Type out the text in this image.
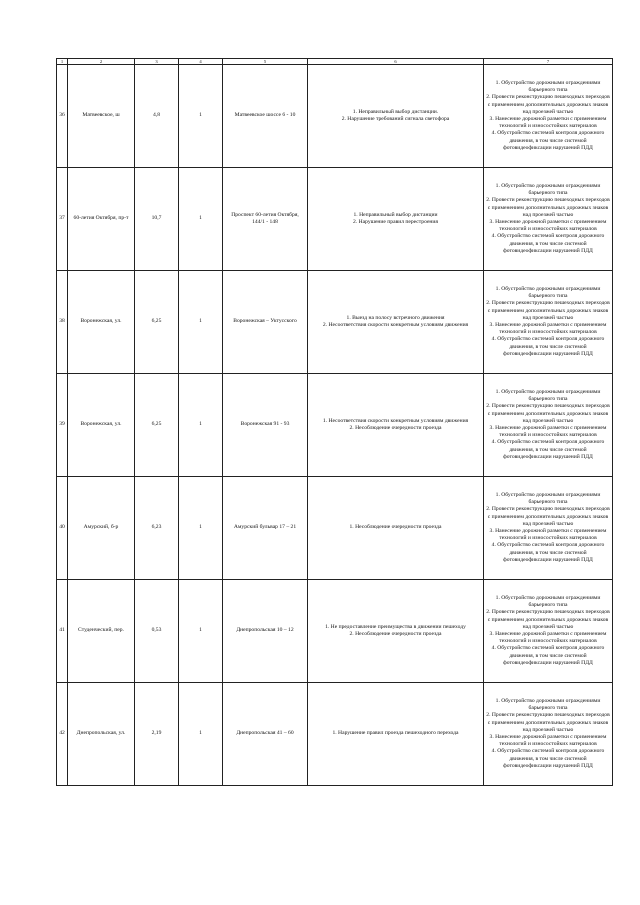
1	2	3	4	5	6	7
36	Матвеевское, ш	4,8	1	Матвеевское шоссе 6 - 10	1. Неправильный выбор дистанции.
2. Нарушение требований сигнала светофора	1. Обустройство дорожными ограждениями барьерного типа
2. Провести реконструкцию пешеходных переходов с применением дополнительных дорожных знаков над проезжей частью
3. Нанесение дорожной разметки с применением технологий и износостойких материалов
4. Обустройство системой контроля дорожного движения, в том числе системой фотовидеофиксации нарушений ПДД

37	60-летия Октября, пр-т	10,7	1	Проспект 60-летия Октября, 144/1 - 148	1. Неправильный выбор дистанции
2. Нарушение правил перестроения	1. Обустройство дорожными ограждениями барьерного типа
2. Провести реконструкцию пешеходных переходов с применением дополнительных дорожных знаков над проезжей частью
3. Нанесение дорожной разметки с применением технологий и износостойких материалов
4. Обустройство системой контроля дорожного движения, в том числе системой фотовидеофиксации нарушений ПДД

38	Воронежская, ул.	6,25	1	Воронежская – Уктусского	1. Выезд на полосу встречного движения
2. Несоответствия скорости конкретным условиям движения	1. Обустройство дорожными ограждениями барьерного типа
2. Провести реконструкцию пешеходных переходов с применением дополнительных дорожных знаков над проезжей частью
3. Нанесение дорожной разметки с применением технологий и износостойких материалов
4. Обустройство системой контроля дорожного движения, в том числе системой фотовидеофиксации нарушений ПДД

39	Воронежская, ул.	6,25	1	Воронежская 91 - 93	1. Несоответствия скорости конкретным условиям движения
2. Несоблюдение очередности проезда	1. Обустройство дорожными ограждениями барьерного типа
2. Провести реконструкцию пешеходных переходов с применением дополнительных дорожных знаков над проезжей частью
3. Нанесение дорожной разметки с применением технологий и износостойких материалов
4. Обустройство системой контроля дорожного движения, в том числе системой фотовидеофиксации нарушений ПДД

40	Амурский, б-р	6,23	1	Амурский бульвар 17 – 21	1. Несоблюдение очередности проезда	1. Обустройство дорожными ограждениями барьерного типа
2. Провести реконструкцию пешеходных переходов с применением дополнительных дорожных знаков над проезжей частью
3. Нанесение дорожной разметки с применением технологий и износостойких материалов
4. Обустройство системой контроля дорожного движения, в том числе системой фотовидеофиксации нарушений ПДД

41	Студенческий, пер.	0,53	1	Днепропольская 10 – 12	1. Не предоставление преимущества в движении пешеходу
2. Несоблюдение очередности проезда	1. Обустройство дорожными ограждениями барьерного типа
2. Провести реконструкцию пешеходных переходов с применением дополнительных дорожных знаков над проезжей частью
3. Нанесение дорожной разметки с применением технологий и износостойких материалов
4. Обустройство системой контроля дорожного движения, в том числе системой фотовидеофиксации нарушений ПДД

42	Днепропольская, ул.	2,19	1	Днепропольская 41 – 60	1. Нарушение правил проезда пешеходного перехода	1. Обустройство дорожными ограждениями барьерного типа
2. Провести реконструкцию пешеходных переходов с применением дополнительных дорожных знаков над проезжей частью
3. Нанесение дорожной разметки с применением технологий и износостойких материалов
4. Обустройство системой контроля дорожного движения, в том числе системой фотовидеофиксации нарушений ПДД
